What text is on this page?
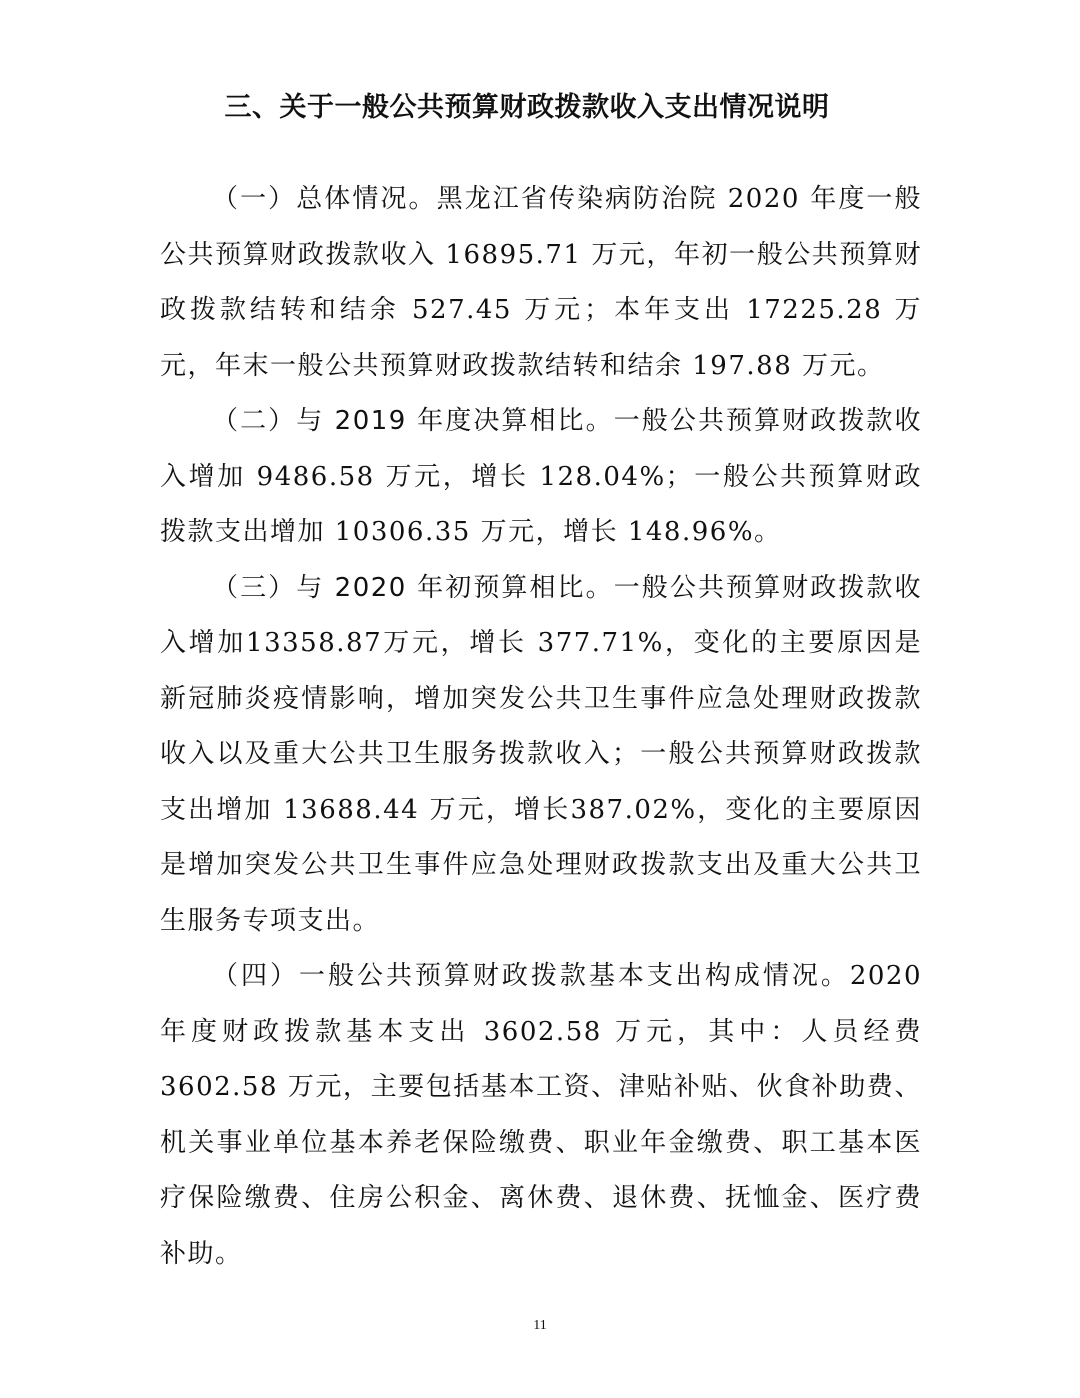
三、关于一般公共预算财政拨款收入支出情况说明

（一）总体情况。黑龙江省传染病防治院 2020 年度一般公共预算财政拨款收入 16895.71 万元，年初一般公共预算财政拨款结转和结余 527.45 万元；本年支出 17225.28 万元，年末一般公共预算财政拨款结转和结余 197.88 万元。

（二）与 2019 年度决算相比。一般公共预算财政拨款收入增加 9486.58 万元，增长 128.04%；一般公共预算财政拨款支出增加 10306.35 万元，增长 148.96%。

（三）与 2020 年初预算相比。一般公共预算财政拨款收入增加13358.87万元，增长 377.71%，变化的主要原因是新冠肺炎疫情影响，增加突发公共卫生事件应急处理财政拨款收入以及重大公共卫生服务拨款收入；一般公共预算财政拨款支出增加 13688.44 万元，增长387.02%，变化的主要原因是增加突发公共卫生事件应急处理财政拨款支出及重大公共卫生服务专项支出。

（四）一般公共预算财政拨款基本支出构成情况。2020 年度财政拨款基本支出 3602.58 万元，其中：人员经费 3602.58 万元，主要包括基本工资、津贴补贴、伙食补助费、机关事业单位基本养老保险缴费、职业年金缴费、职工基本医疗保险缴费、住房公积金、离休费、退休费、抚恤金、医疗费补助。

11
